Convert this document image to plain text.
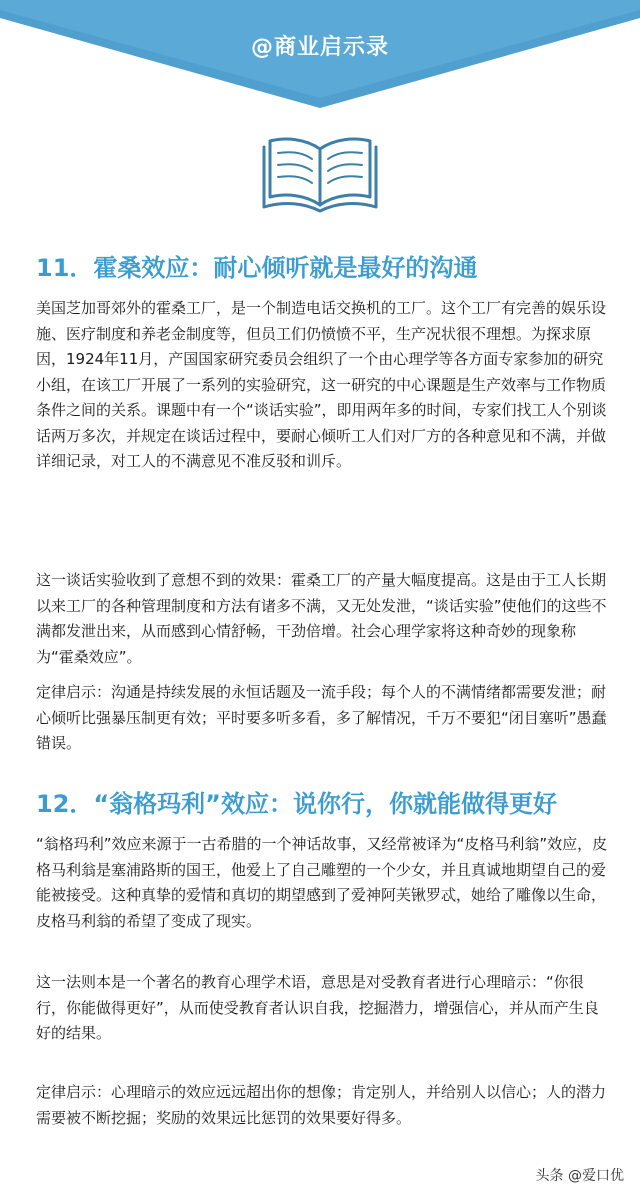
@商业启示录
11．霍桑效应：耐心倾听就是最好的沟通

美国芝加哥郊外的霍桑工厂，是一个制造电话交换机的工厂。这个工厂有完善的娱乐设施、医疗制度和养老金制度等，但员工们仍愤愤不平，生产况状很不理想。为探求原因，1924年11月，产国国家研究委员会组织了一个由心理学等各方面专家参加的研究小组，在该工厂开展了一系列的实验研究，这一研究的中心课题是生产效率与工作物质条件之间的关系。课题中有一个“谈话实验”，即用两年多的时间，专家们找工人个别谈话两万多次，并规定在谈话过程中，要耐心倾听工人们对厂方的各种意见和不满，并做详细记录，对工人的不满意见不准反驳和训斥。

这一谈话实验收到了意想不到的效果：霍桑工厂的产量大幅度提高。这是由于工人长期以来工厂的各种管理制度和方法有诸多不满，又无处发泄，“谈话实验”使他们的这些不满都发泄出来，从而感到心情舒畅，干劲倍增。社会心理学家将这种奇妙的现象称为“霍桑效应”。

定律启示：沟通是持续发展的永恒话题及一流手段；每个人的不满情绪都需要发泄；耐心倾听比强暴压制更有效；平时要多听多看，多了解情况，千万不要犯“闭目塞听”愚蠢错误。

12．“翁格玛利”效应：说你行，你就能做得更好

“翁格玛利”效应来源于一古希腊的一个神话故事，又经常被译为“皮格马利翁”效应，皮格马利翁是塞浦路斯的国王，他爱上了自己雕塑的一个少女，并且真诚地期望自己的爱能被接受。这种真挚的爱情和真切的期望感到了爱神阿芙锹罗忒，她给了雕像以生命，皮格马利翁的希望了变成了现实。

这一法则本是一个著名的教育心理学术语，意思是对受教育者进行心理暗示：“你很行，你能做得更好”，从而使受教育者认识自我，挖掘潜力，增强信心，并从而产生良好的结果。

定律启示：心理暗示的效应远远超出你的想像；肯定别人，并给别人以信心；人的潜力需要被不断挖掘；奖励的效果远比惩罚的效果要好得多。

头条 @爱口优
